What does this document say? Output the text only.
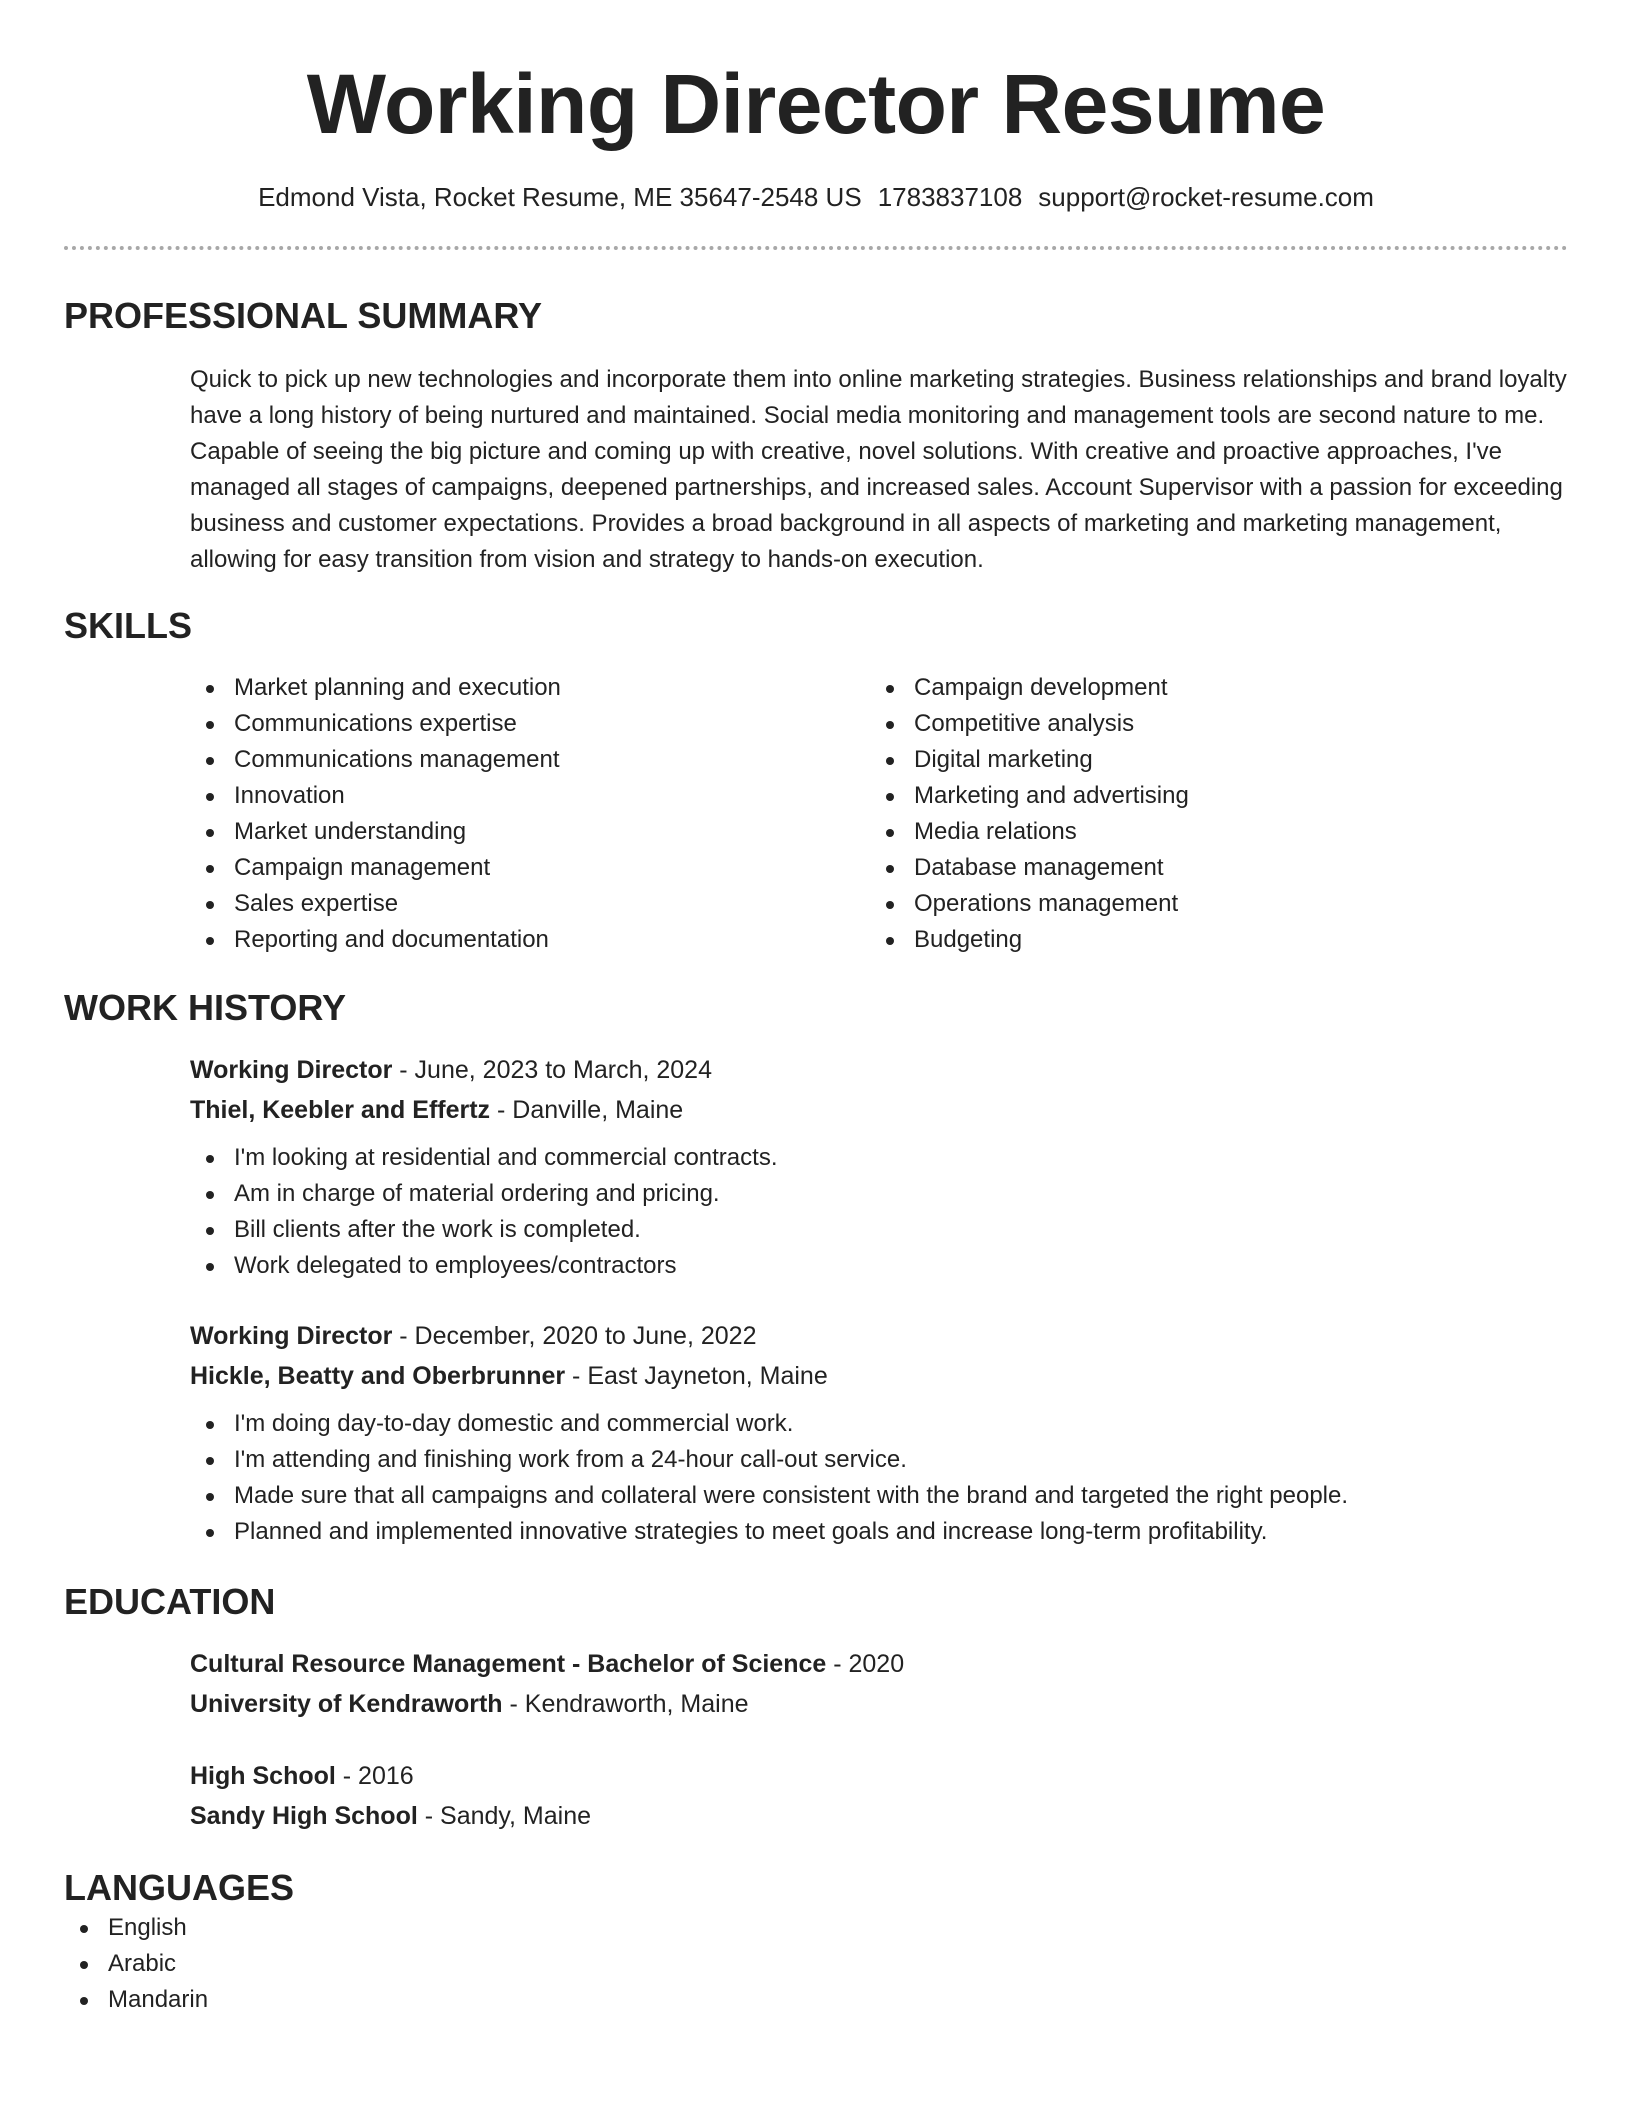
Working Director Resume
Edmond Vista, Rocket Resume, ME 35647-2548 US 1783837108 support@rocket-resume.com
PROFESSIONAL SUMMARY

Quick to pick up new technologies and incorporate them into online marketing strategies. Business relationships and brand loyalty have a long history of being nurtured and maintained. Social media monitoring and management tools are second nature to me. Capable of seeing the big picture and coming up with creative, novel solutions. With creative and proactive approaches, I've managed all stages of campaigns, deepened partnerships, and increased sales. Account Supervisor with a passion for exceeding business and customer expectations. Provides a broad background in all aspects of marketing and marketing management, allowing for easy transition from vision and strategy to hands-on execution.

SKILLS
Market planning and execution
Communications expertise
Communications management
Innovation
Market understanding
Campaign management
Sales expertise
Reporting and documentation
Campaign development
Competitive analysis
Digital marketing
Marketing and advertising
Media relations
Database management
Operations management
Budgeting
WORK HISTORY
Working Director - June, 2023 to March, 2024
Thiel, Keebler and Effertz - Danville, Maine
I'm looking at residential and commercial contracts.
Am in charge of material ordering and pricing.
Bill clients after the work is completed.
Work delegated to employees/contractors
Working Director - December, 2020 to June, 2022
Hickle, Beatty and Oberbrunner - East Jayneton, Maine
I'm doing day-to-day domestic and commercial work.
I'm attending and finishing work from a 24-hour call-out service.
Made sure that all campaigns and collateral were consistent with the brand and targeted the right people.
Planned and implemented innovative strategies to meet goals and increase long-term profitability.
EDUCATION
Cultural Resource Management - Bachelor of Science - 2020
University of Kendraworth - Kendraworth, Maine
High School - 2016
Sandy High School - Sandy, Maine
LANGUAGES
English
Arabic
Mandarin
